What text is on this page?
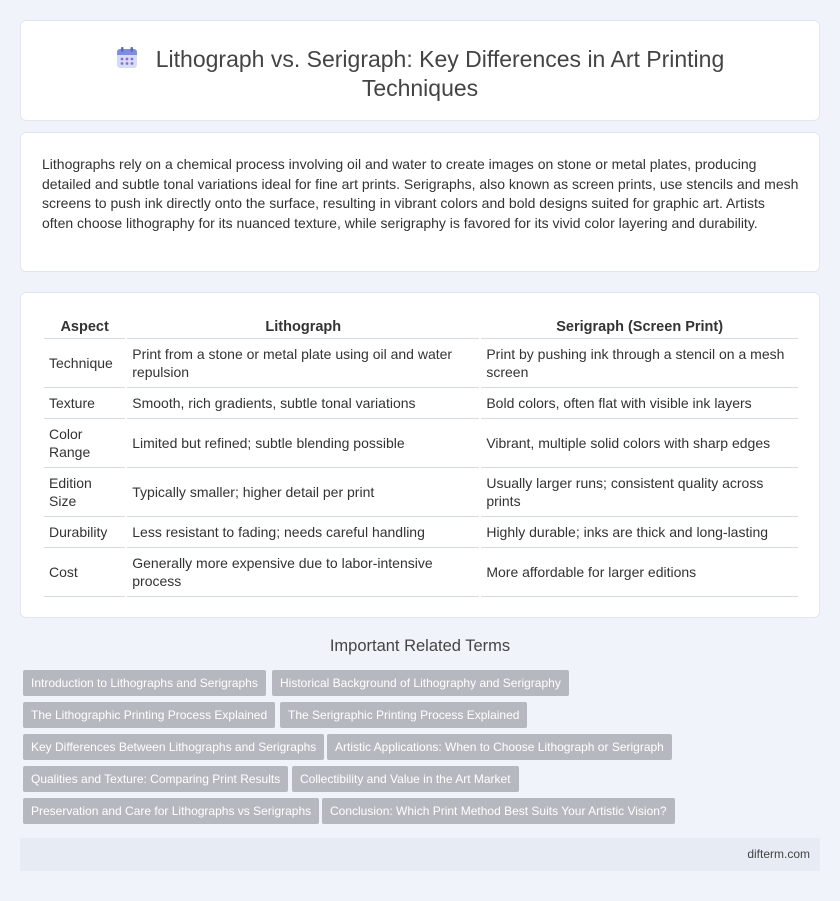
Lithograph vs. Serigraph: Key Differences in Art Printing Techniques
Lithographs rely on a chemical process involving oil and water to create images on stone or metal plates, producing detailed and subtle tonal variations ideal for fine art prints. Serigraphs, also known as screen prints, use stencils and mesh screens to push ink directly onto the surface, resulting in vibrant colors and bold designs suited for graphic art. Artists often choose lithography for its nuanced texture, while serigraphy is favored for its vivid color layering and durability.
Aspect	Lithograph	Serigraph (Screen Print)
Technique	Print from a stone or metal plate using oil and water repulsion	Print by pushing ink through a stencil on a mesh screen
Texture	Smooth, rich gradients, subtle tonal variations	Bold colors, often flat with visible ink layers
Color Range	Limited but refined; subtle blending possible	Vibrant, multiple solid colors with sharp edges
Edition Size	Typically smaller; higher detail per print	Usually larger runs; consistent quality across prints
Durability	Less resistant to fading; needs careful handling	Highly durable; inks are thick and long-lasting
Cost	Generally more expensive due to labor-intensive process	More affordable for larger editions
Important Related Terms
Introduction to Lithographs and Serigraphs	Historical Background of Lithography and Serigraphy
The Lithographic Printing Process Explained	The Serigraphic Printing Process Explained
Key Differences Between Lithographs and Serigraphs	Artistic Applications: When to Choose Lithograph or Serigraph
Qualities and Texture: Comparing Print Results	Collectibility and Value in the Art Market
Preservation and Care for Lithographs vs Serigraphs	Conclusion: Which Print Method Best Suits Your Artistic Vision?
difterm.com
